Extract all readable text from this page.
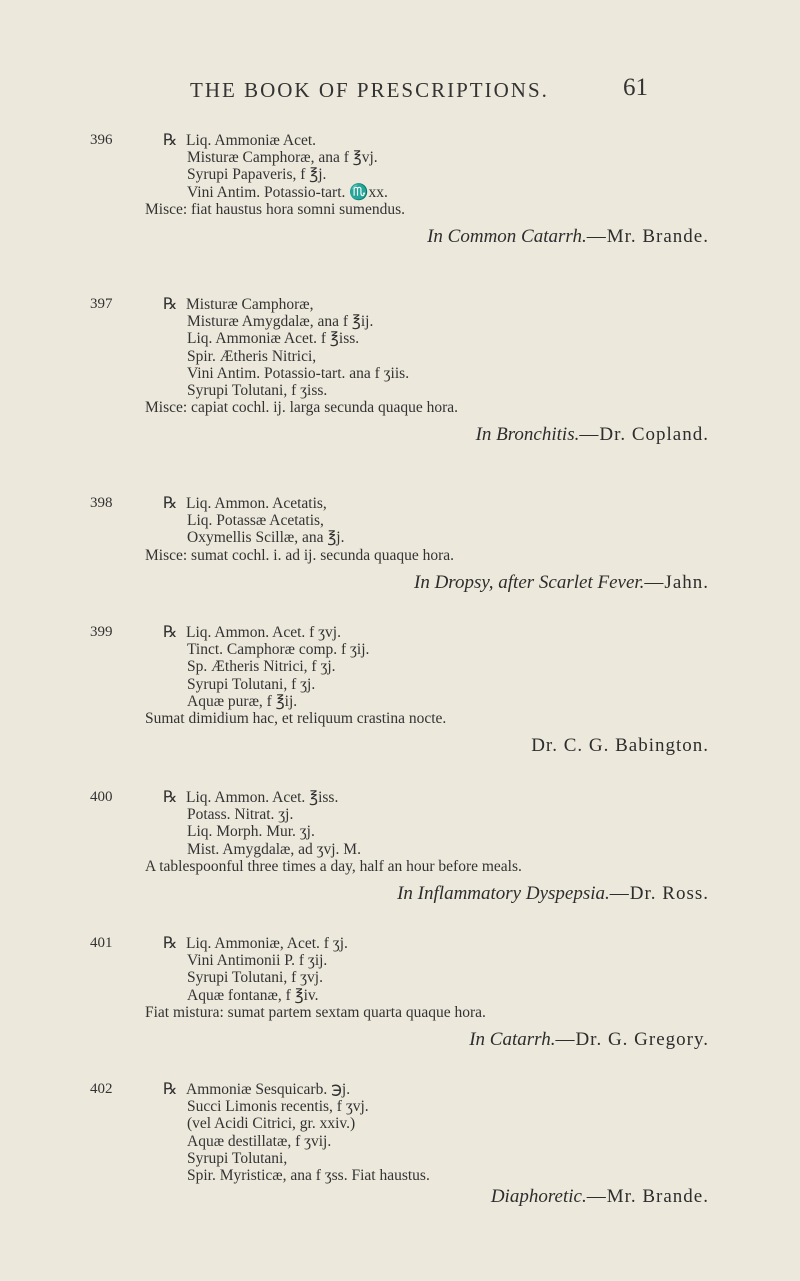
THE BOOK OF PRESCRIPTIONS.	61
396	℞ Liq. Ammoniæ Acet.
Misturæ Camphoræ, ana f ℥vj.
Syrupi Papaveris, f ℥j.
Vini Antim. Potassio-tart. ♏xx.
Misce: fiat haustus hora somni sumendus.
In Common Catarrh.—Mr. Brande.
397	℞ Misturæ Camphoræ,
Misturæ Amygdalæ, ana f ℥ij.
Liq. Ammoniæ Acet. f ℥iss.
Spir. Ætheris Nitrici,
Vini Antim. Potassio-tart. ana f ʒiis.
Syrupi Tolutani, f ʒiss.
Misce: capiat cochl. ij. larga secunda quaque hora.
In Bronchitis.—Dr. Copland.
398	℞ Liq. Ammon. Acetatis,
Liq. Potassæ Acetatis,
Oxymellis Scillæ, ana ℥j.
Misce: sumat cochl. i. ad ij. secunda quaque hora.
In Dropsy, after Scarlet Fever.—Jahn.
399	℞ Liq. Ammon. Acet. f ʒvj.
Tinct. Camphoræ comp. f ʒij.
Sp. Ætheris Nitrici, f ʒj.
Syrupi Tolutani, f ʒj.
Aquæ puræ, f ℥ij.
Sumat dimidium hac, et reliquum crastina nocte.
Dr. C. G. Babington.
400	℞ Liq. Ammon. Acet. ℥iss.
Potass. Nitrat. ʒj.
Liq. Morph. Mur. ʒj.
Mist. Amygdalæ, ad ʒvj. M.
A tablespoonful three times a day, half an hour before meals.
In Inflammatory Dyspepsia.—Dr. Ross.
401	℞ Liq. Ammoniæ, Acet. f ʒj.
Vini Antimonii P. f ʒij.
Syrupi Tolutani, f ʒvj.
Aquæ fontanæ, f ℥iv.
Fiat mistura: sumat partem sextam quarta quaque hora.
In Catarrh.—Dr. G. Gregory.
402	℞ Ammoniæ Sesquicarb. ℈j.
Succi Limonis recentis, f ʒvj.
(vel Acidi Citrici, gr. xxiv.)
Aquæ destillatæ, f ʒvij.
Syrupi Tolutani,
Spir. Myristicæ, ana f ʒss. Fiat haustus.
Diaphoretic.—Mr. Brande.
